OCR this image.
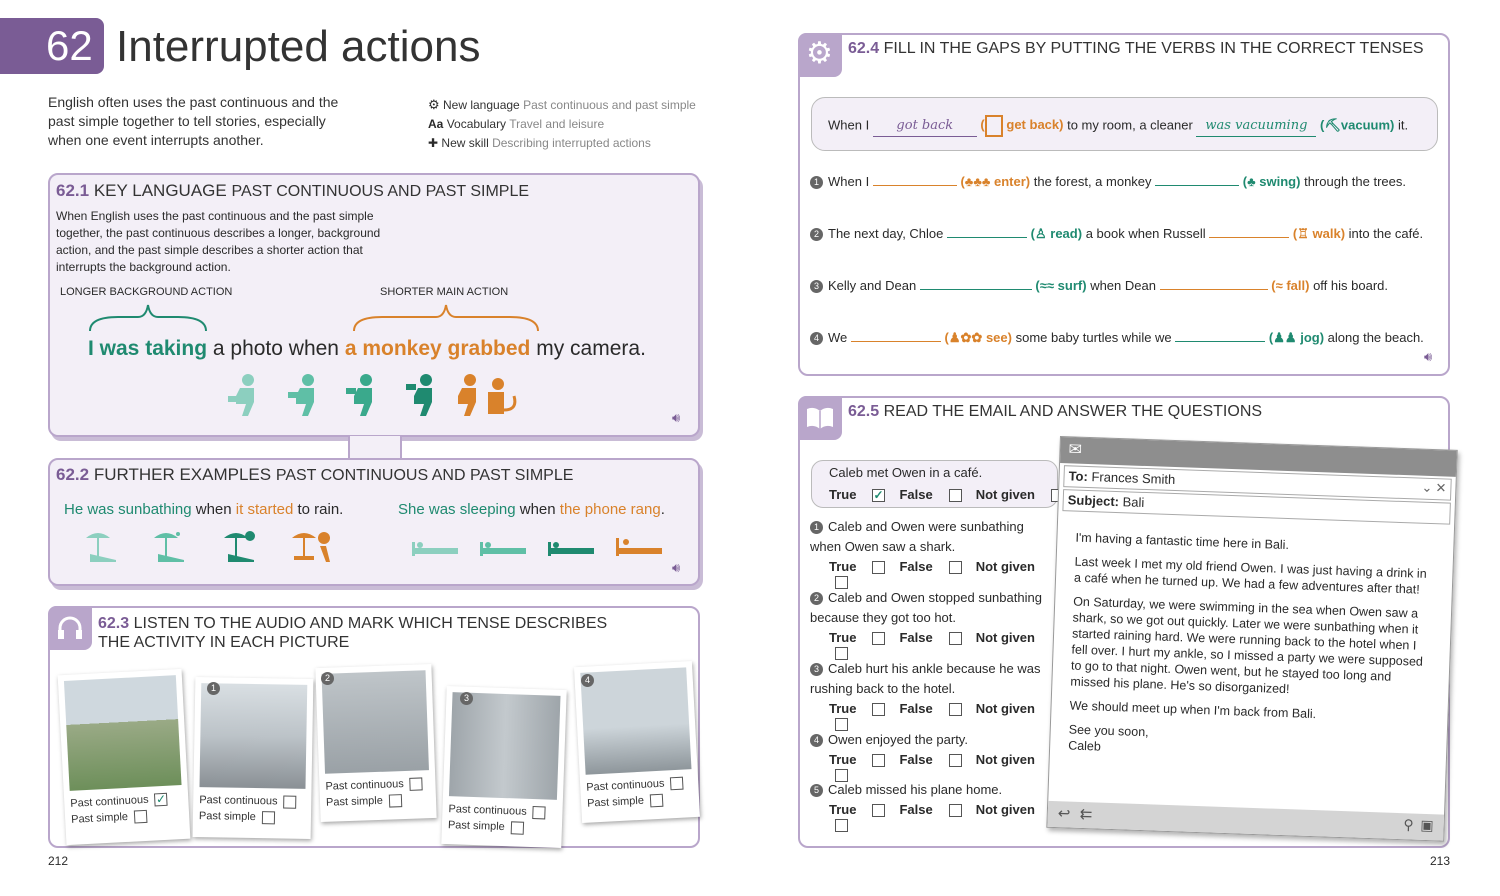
62 Interrupted actions
English often uses the past continuous and the past simple together to tell stories, especially when one event interrupts another.
⚙ New language Past continuous and past simple
Aa Vocabulary Travel and leisure
✚ New skill Describing interrupted actions
62.1 KEY LANGUAGE PAST CONTINUOUS AND PAST SIMPLE
When English uses the past continuous and the past simple together, the past continuous describes a longer, background action, and the past simple describes a shorter action that interrupts the background action.
LONGER BACKGROUND ACTION	SHORTER MAIN ACTION
I was taking a photo when a monkey grabbed my camera.
🔊︎
62.2 FURTHER EXAMPLES PAST CONTINUOUS AND PAST SIMPLE
He was sunbathing when it started to rain.	She was sleeping when the phone rang.
🔊︎
62.3 LISTEN TO THE AUDIO AND MARK WHICH TENSE DESCRIBES THE ACTIVITY IN EACH PICTURE
Past continuous ✓
Past simple
Past continuous
Past simple
1
Past continuous
Past simple
2
Past continuous
Past simple
3
Past continuous
Past simple
4
212
⚙ 62.4 FILL IN THE GAPS BY PUTTING THE VERBS IN THE CORRECT TENSES
When I got back ( get back) to my room, a cleaner was vacuuming (⛏vacuum) it.
1 When I	(♣♣♣ enter) the forest, a monkey	(♣ swing) through the trees.
2 The next day, Chloe	(♙ read) a book when Russell	(♖ walk) into the café.
3 Kelly and Dean	(≈≈ surf) when Dean	(≈ fall) off his board.
4 We	(♟✿✿ see) some baby turtles while we	(♟♟ jog) along the beach.
🔊︎
62.5 READ THE EMAIL AND ANSWER THE QUESTIONS
Caleb met Owen in a café.
True ✓ False	Not given
1 Caleb and Owen were sunbathing when Owen saw a shark.
True	False	Not given
2 Caleb and Owen stopped sunbathing because they got too hot.
True	False	Not given
3 Caleb hurt his ankle because he was rushing back to the hotel.
True	False	Not given
4 Owen enjoyed the party.
True	False	Not given
5 Caleb missed his plane home.
True	False	Not given
✉
To: Frances Smith
⌄ ✕
Subject: Bali

I'm having a fantastic time here in Bali.

Last week I met my old friend Owen. I was just having a drink in a café when he turned up. We had a few adventures after that!

On Saturday, we were swimming in the sea when Owen saw a shark, so we got out quickly. Later we were sunbathing when it started raining hard. We were running back to the hotel when I fell over. I hurt my ankle, so I missed a party we were supposed to go to that night. Owen went, but he stayed too long and missed his plane. He's so disorganized!

We should meet up when I'm back from Bali.

See you soon,

Caleb

↩ ⇇
⚲ ▣
213
